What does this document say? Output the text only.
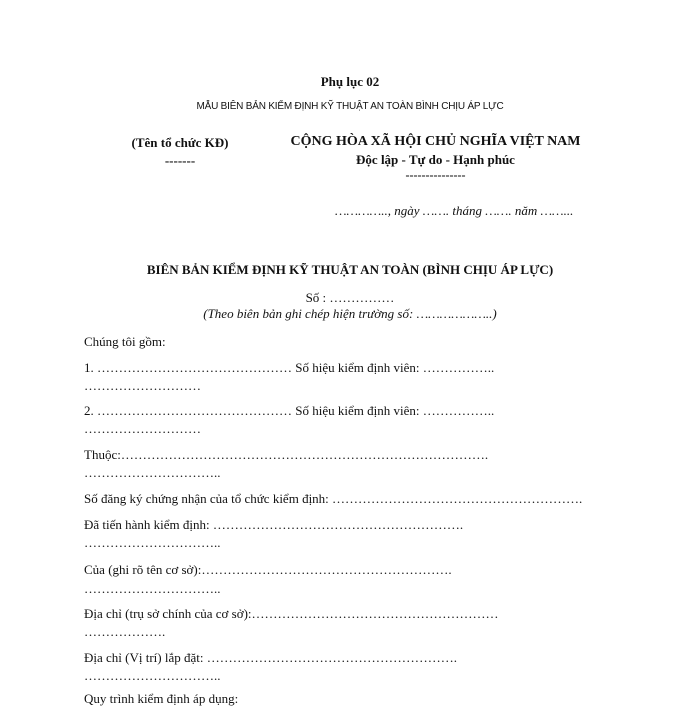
Phụ lục 02
MẪU BIÊN BẢN KIỂM ĐỊNH KỸ THUẬT AN TOÀN BÌNH CHỊU ÁP LỰC
(Tên tổ chức KĐ)
-------
CỘNG HÒA XÃ HỘI CHỦ NGHĨA VIỆT NAM
Độc lập - Tự do - Hạnh phúc
---------------
………….., ngày ……. tháng ……. năm ……...
BIÊN BẢN KIỂM ĐỊNH KỸ THUẬT AN TOÀN (BÌNH CHỊU ÁP LỰC)
Số : ……………
(Theo biên bản ghi chép hiện trường số: ………………..)
Chúng tôi gồm:
1. ……………………………………… Số hiệu kiểm định viên: ……………..
………………………
2. ……………………………………… Số hiệu kiểm định viên: ……………..
………………………
Thuộc:………………………………………………………………………….
…………………………..
Số đăng ký chứng nhận của tổ chức kiểm định: ………………………………………………….
Đã tiến hành kiểm định: ………………………………………………….
…………………………..
Của (ghi rõ tên cơ sở):………………………………………………….
…………………………..
Địa chỉ (trụ sở chính của cơ sở):…………………………………………………
……………….
Địa chỉ (Vị trí) lắp đặt: ………………………………………………….
…………………………..
Quy trình kiểm định áp dụng:
